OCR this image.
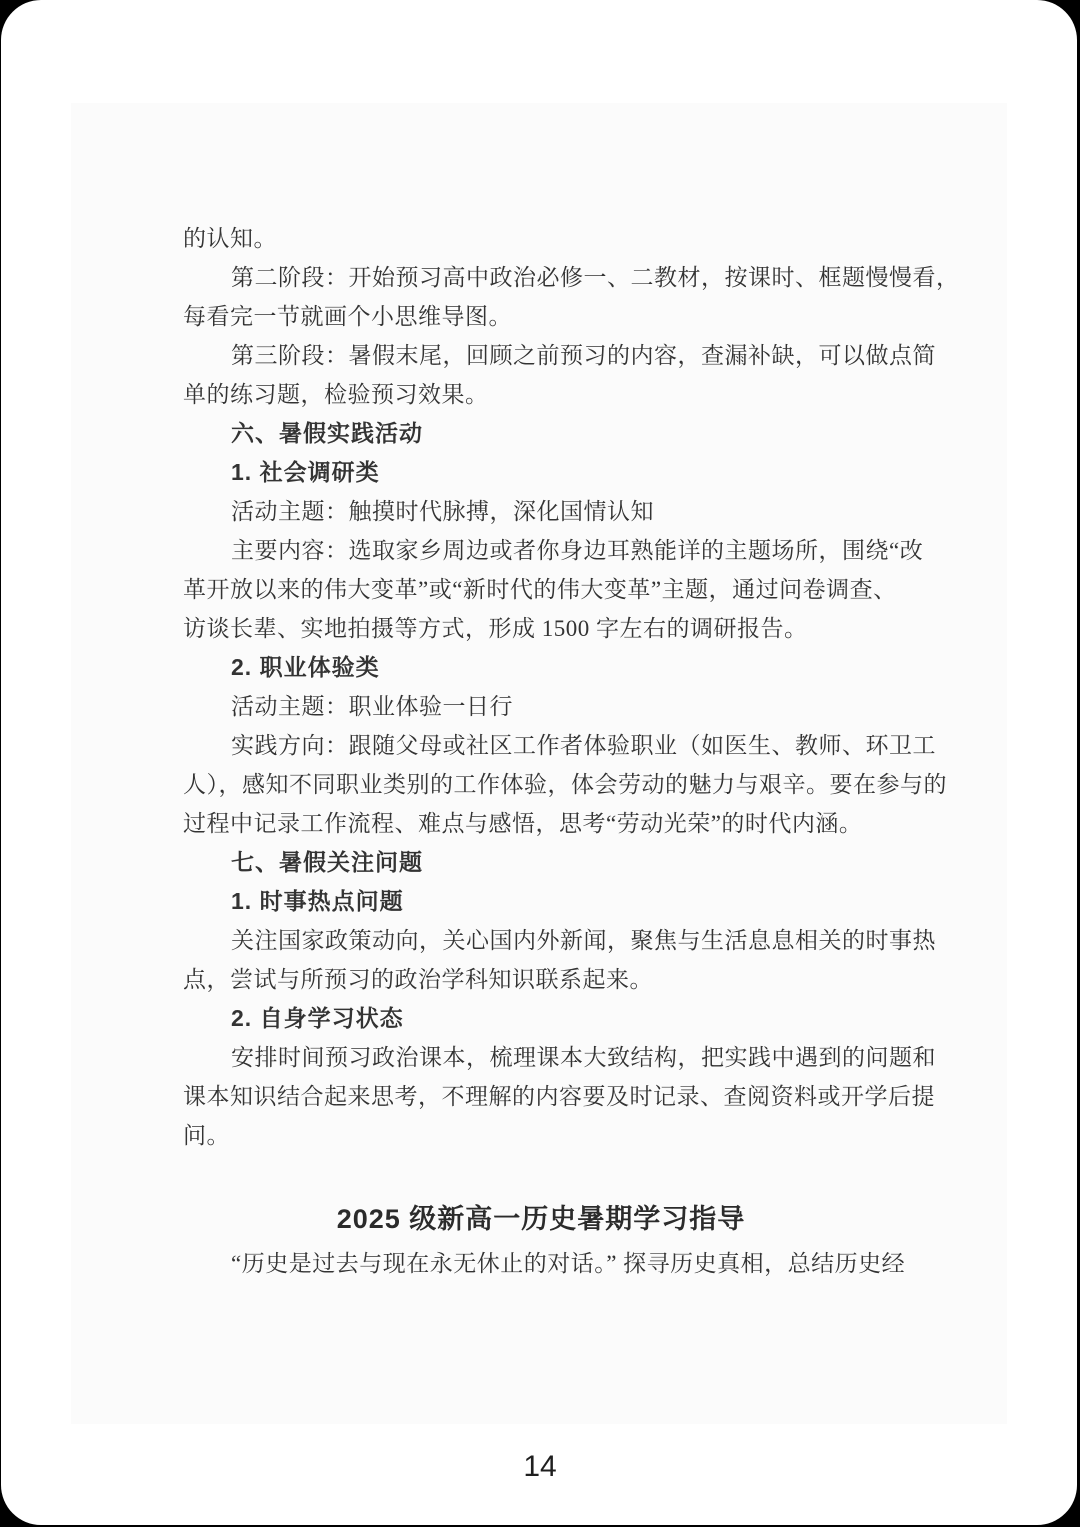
的认知。
第二阶段：开始预习高中政治必修一、二教材，按课时、框题慢慢看，
每看完一节就画个小思维导图。
第三阶段：暑假末尾，回顾之前预习的内容，查漏补缺，可以做点简
单的练习题，检验预习效果。
六、暑假实践活动
1. 社会调研类
活动主题：触摸时代脉搏，深化国情认知
主要内容：选取家乡周边或者你身边耳熟能详的主题场所，围绕“改
革开放以来的伟大变革”或“新时代的伟大变革”主题，通过问卷调查、
访谈长辈、实地拍摄等方式，形成 1500 字左右的调研报告。
2. 职业体验类
活动主题：职业体验一日行
实践方向：跟随父母或社区工作者体验职业（如医生、教师、环卫工
人），感知不同职业类别的工作体验，体会劳动的魅力与艰辛。要在参与的
过程中记录工作流程、难点与感悟，思考“劳动光荣”的时代内涵。
七、暑假关注问题
1. 时事热点问题
关注国家政策动向，关心国内外新闻，聚焦与生活息息相关的时事热
点，尝试与所预习的政治学科知识联系起来。
2. 自身学习状态
安排时间预习政治课本，梳理课本大致结构，把实践中遇到的问题和
课本知识结合起来思考，不理解的内容要及时记录、查阅资料或开学后提
问。
2025 级新高一历史暑期学习指导
“历史是过去与现在永无休止的对话。” 探寻历史真相，总结历史经
14
